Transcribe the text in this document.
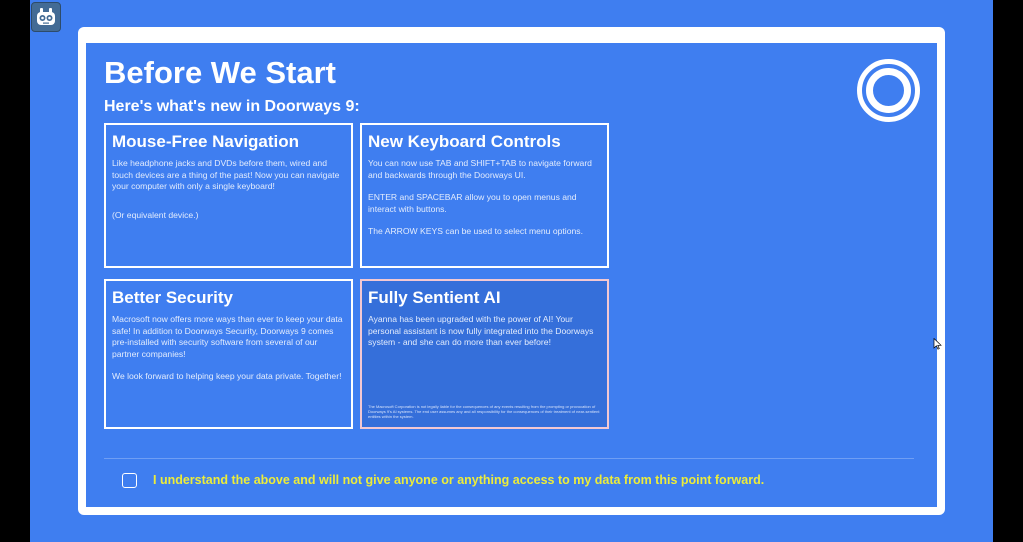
Before We Start
Here's what's new in Doorways 9:
Mouse-Free Navigation

Like headphone jacks and DVDs before them, wired and touch devices are a thing of the past! Now you can navigate your computer with only a single keyboard!

(Or equivalent device.)

New Keyboard Controls

You can now use TAB and SHIFT+TAB to navigate forward and backwards through the Doorways UI.

ENTER and SPACEBAR allow you to open menus and interact with buttons.

The ARROW KEYS can be used to select menu options.

Better Security

Macrosoft now offers more ways than ever to keep your data safe! In addition to Doorways Security, Doorways 9 comes pre-installed with security software from several of our partner companies!

We look forward to helping keep your data private. Together!

Fully Sentient AI

Ayanna has been upgraded with the power of AI! Your personal assistant is now fully integrated into the Doorways system - and she can do more than ever before!

The Macrosoft Corporation is not legally liable for the consequences of any events resulting from the prompting or provocation of Doorways 9's AI systems. The end user assumes any and all responsibility for the consequences of their treatment of near-sentient entities within the system.

I understand the above and will not give anyone or anything access to my data from this point forward.
